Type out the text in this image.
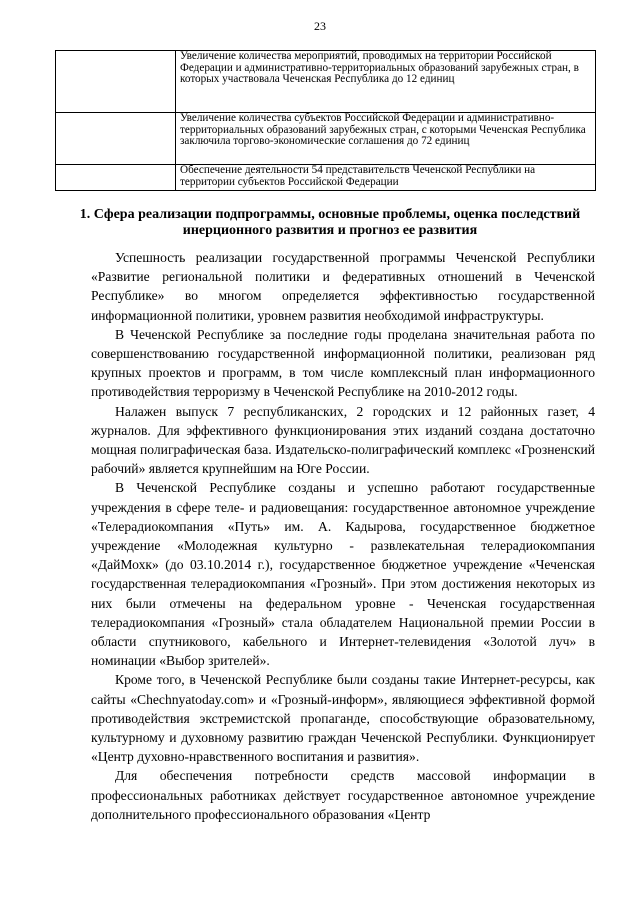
23
	Увеличение количества мероприятий, проводимых на территории Российской Федерации и административно-территориальных образований зарубежных стран, в которых участвовала Чеченская Республика до 12 единиц
	Увеличение количества субъектов Российской Федерации и административно-территориальных образований зарубежных стран, с которыми Чеченская Республика заключила торгово-экономические соглашения до 72 единиц
	Обеспечение деятельности 54 представительств Чеченской Республики на территории субъектов Российской Федерации
1. Сфера реализации подпрограммы, основные проблемы, оценка последствий инерционного развития и прогноз ее развития

Успешность реализации государственной программы Чеченской Республики «Развитие региональной политики и федеративных отношений в Чеченской Республике» во многом определяется эффективностью государственной информационной политики, уровнем развития необходимой инфраструктуры.

В Чеченской Республике за последние годы проделана значительная работа по совершенствованию государственной информационной политики, реализован ряд крупных проектов и программ, в том числе комплексный план информационного противодействия терроризму в Чеченской Республике на 2010-2012 годы.

Налажен выпуск 7 республиканских, 2 городских и 12 районных газет, 4 журналов. Для эффективного функционирования этих изданий создана достаточно мощная полиграфическая база. Издательско-полиграфический комплекс «Грозненский рабочий» является крупнейшим на Юге России.

В Чеченской Республике созданы и успешно работают государственные учреждения в сфере теле- и радиовещания: государственное автономное учреждение «Телерадиокомпания «Путь» им. А. Кадырова, государственное бюджетное учреждение «Молодежная культурно - развлекательная телерадиокомпания «ДайМохк» (до 03.10.2014 г.), государственное бюджетное учреждение «Чеченская государственная телерадиокомпания «Грозный». При этом достижения некоторых из них были отмечены на федеральном уровне - Чеченская государственная телерадиокомпания «Грозный» стала обладателем Национальной премии России в области спутникового, кабельного и Интернет-телевидения «Золотой луч» в номинации «Выбор зрителей».

Кроме того, в Чеченской Республике были созданы такие Интернет-ресурсы, как сайты «Chechnyatoday.com» и «Грозный-информ», являющиеся эффективной формой противодействия экстремистской пропаганде, способствующие образовательному, культурному и духовному развитию граждан Чеченской Республики. Функционирует «Центр духовно-нравственного воспитания и развития».

Для обеспечения потребности средств массовой информации в профессиональных работниках действует государственное автономное учреждение дополнительного профессионального образования «Центр
